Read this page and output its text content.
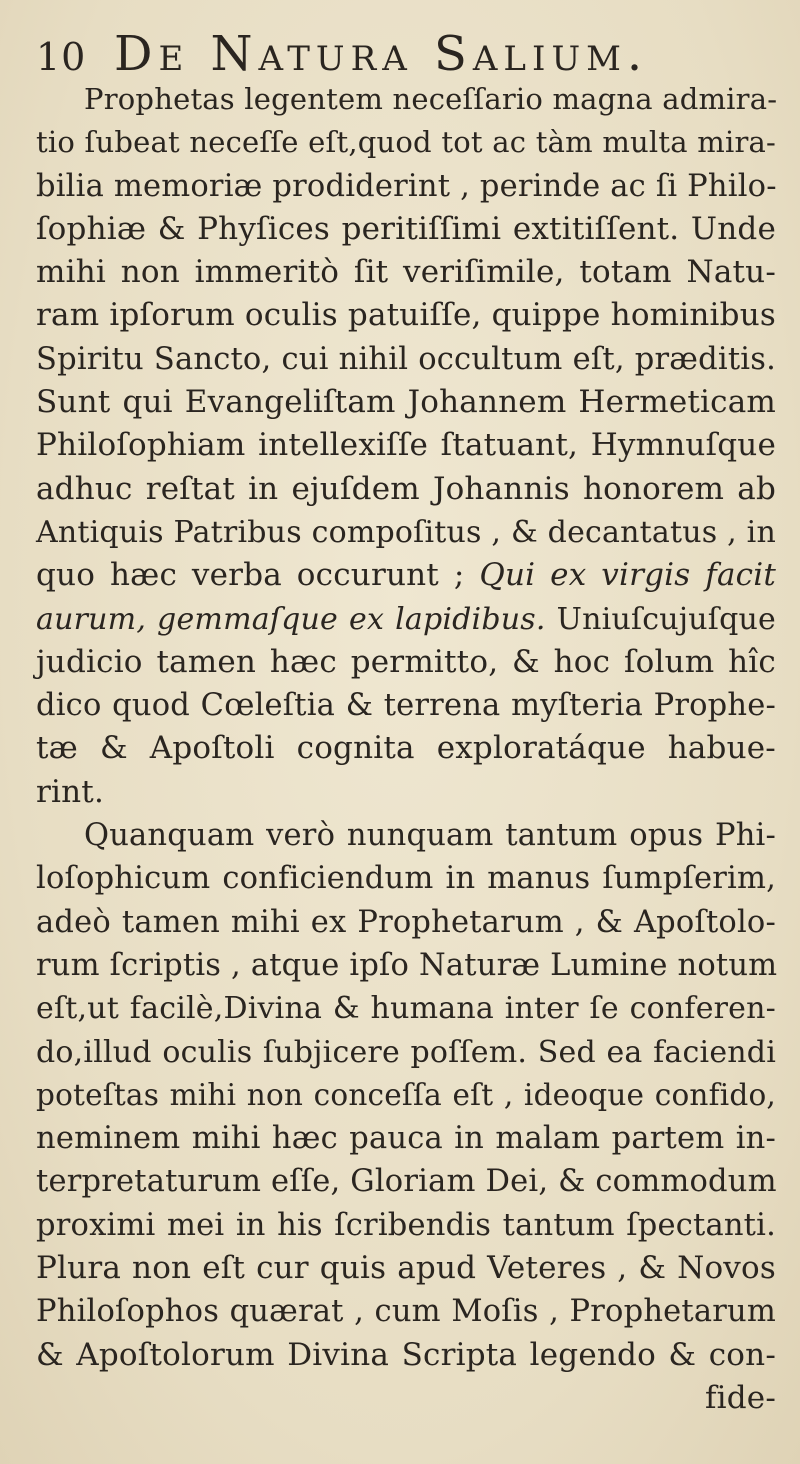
10 De Natura Salium.
Prophetas legentem neceſſario magna admira-
tio ſubeat neceſſe eſt,quod tot ac tàm multa mira-
bilia memoriæ prodiderint , perinde ac ſi Philo-
ſophiæ & Phyſices peritiſſimi extitiſſent. Unde
mihi non immeritò ſit veriſimile, totam Natu-
ram ipſorum oculis patuiſſe, quippe hominibus
Spiritu Sancto, cui nihil occultum eſt, præditis.
Sunt qui Evangeliſtam Johannem Hermeticam
Philoſophiam intellexiſſe ſtatuant, Hymnuſque
adhuc reſtat in ejuſdem Johannis honorem ab
Antiquis Patribus compoſitus , & decantatus , in
quo hæc verba occurunt ; Qui ex virgis facit
aurum, gemmaſque ex lapidibus. Uniuſcujuſque
judicio tamen hæc permitto, & hoc ſolum hîc
dico quod Cœleſtia & terrena myſteria Prophe-
tæ & Apoſtoli cognita exploratáque habue-
rint.
Quanquam verò nunquam tantum opus Phi-
loſophicum conficiendum in manus ſumpſerim,
adeò tamen mihi ex Prophetarum , & Apoſtolo-
rum ſcriptis , atque ipſo Naturæ Lumine notum
eſt,ut facilè,Divina & humana inter ſe conferen-
do,illud oculis ſubjicere poſſem. Sed ea faciendi
poteſtas mihi non conceſſa eſt , ideoque confido,
neminem mihi hæc pauca in malam partem in-
terpretaturum eſſe, Gloriam Dei, & commodum
proximi mei in his ſcribendis tantum ſpectanti.
Plura non eſt cur quis apud Veteres , & Novos
Philoſophos quærat , cum Moſis , Prophetarum
& Apoſtolorum Divina Scripta legendo & con-
fide-
